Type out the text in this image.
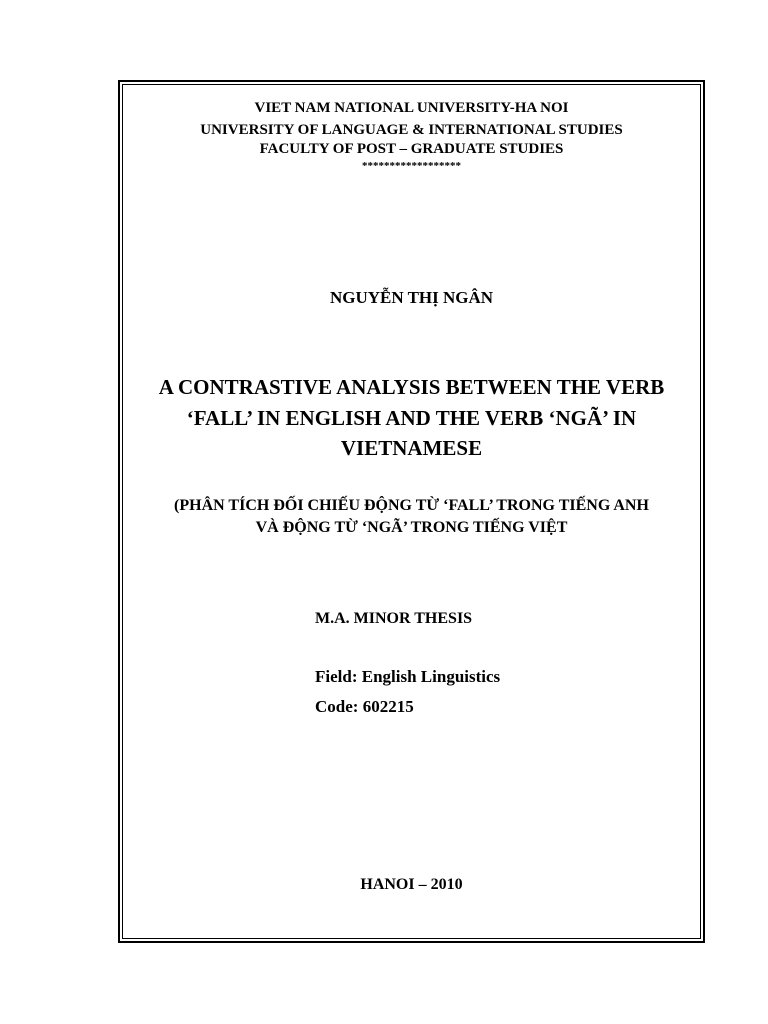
VIET NAM NATIONAL UNIVERSITY-HA NOI
UNIVERSITY OF LANGUAGE & INTERNATIONAL STUDIES
FACULTY OF POST – GRADUATE STUDIES
******************
NGUYỄN THỊ NGÂN
A CONTRASTIVE ANALYSIS BETWEEN THE VERB
‘FALL’ IN ENGLISH AND THE VERB ‘NGÃ’ IN
VIETNAMESE
(PHÂN TÍCH ĐỐI CHIẾU ĐỘNG TỪ ‘FALL’ TRONG TIẾNG ANH
VÀ ĐỘNG TỪ ‘NGÃ’ TRONG TIẾNG VIỆT
M.A. MINOR THESIS
Field: English Linguistics
Code: 602215
HANOI – 2010
